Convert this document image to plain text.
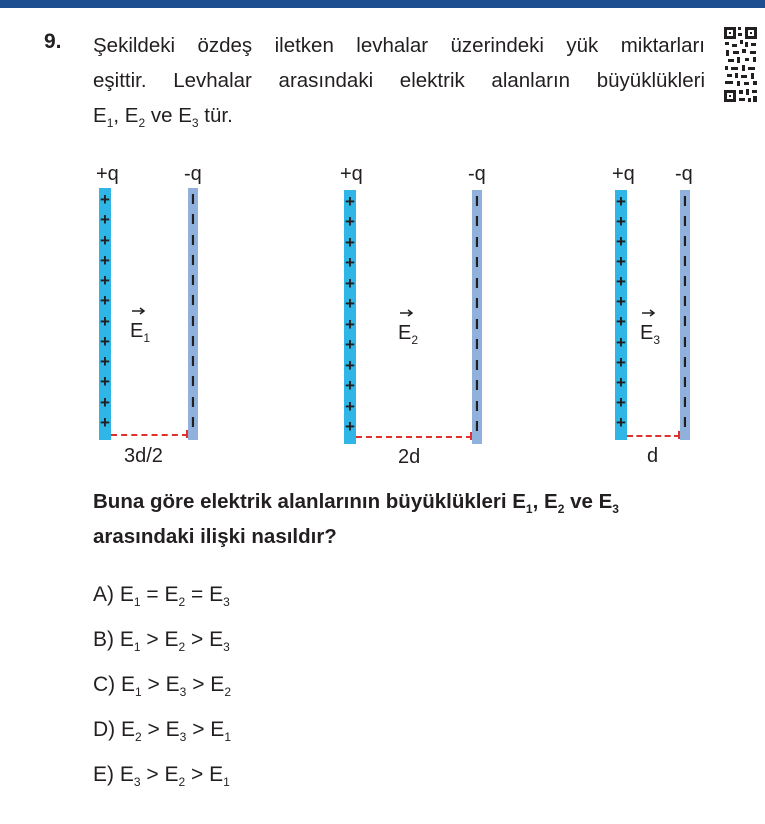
9. Şekildeki özdeş iletken levhalar üzerindeki yük miktarları
eşittir. Levhalar arasındaki elektrik alanların büyüklükleri
$E_1$, $E_2$ ve $E_3$ tür.
+q	-q
+
+
+
+
+
+
+
+
+
+
+
+
I
I
I
I
I
I
I
I
I
I
I
I
$E_1$
3d/2
+q	-q
+
+
+
+
+
+
+
+
+
+
+
+
I
I
I
I
I
I
I
I
I
I
I
I
$E_2$
2d
+q -q
+
+
+
+
+
+
+
+
+
+
+
+
I
I
I
I
I
I
I
I
I
I
I
I
$E_3$
d
Buna göre elektrik alanlarının büyüklükleri $E_1$, $E_2$ ve $E_3$
arasındaki ilişki nasıldır?
A) $E_1 = E_2 = E_3$
B) $E_1 > E_2 > E_3$
C) $E_1 > E_3 > E_2$
D) $E_2 > E_3 > E_1$
E) $E_3 > E_2 > E_1$
